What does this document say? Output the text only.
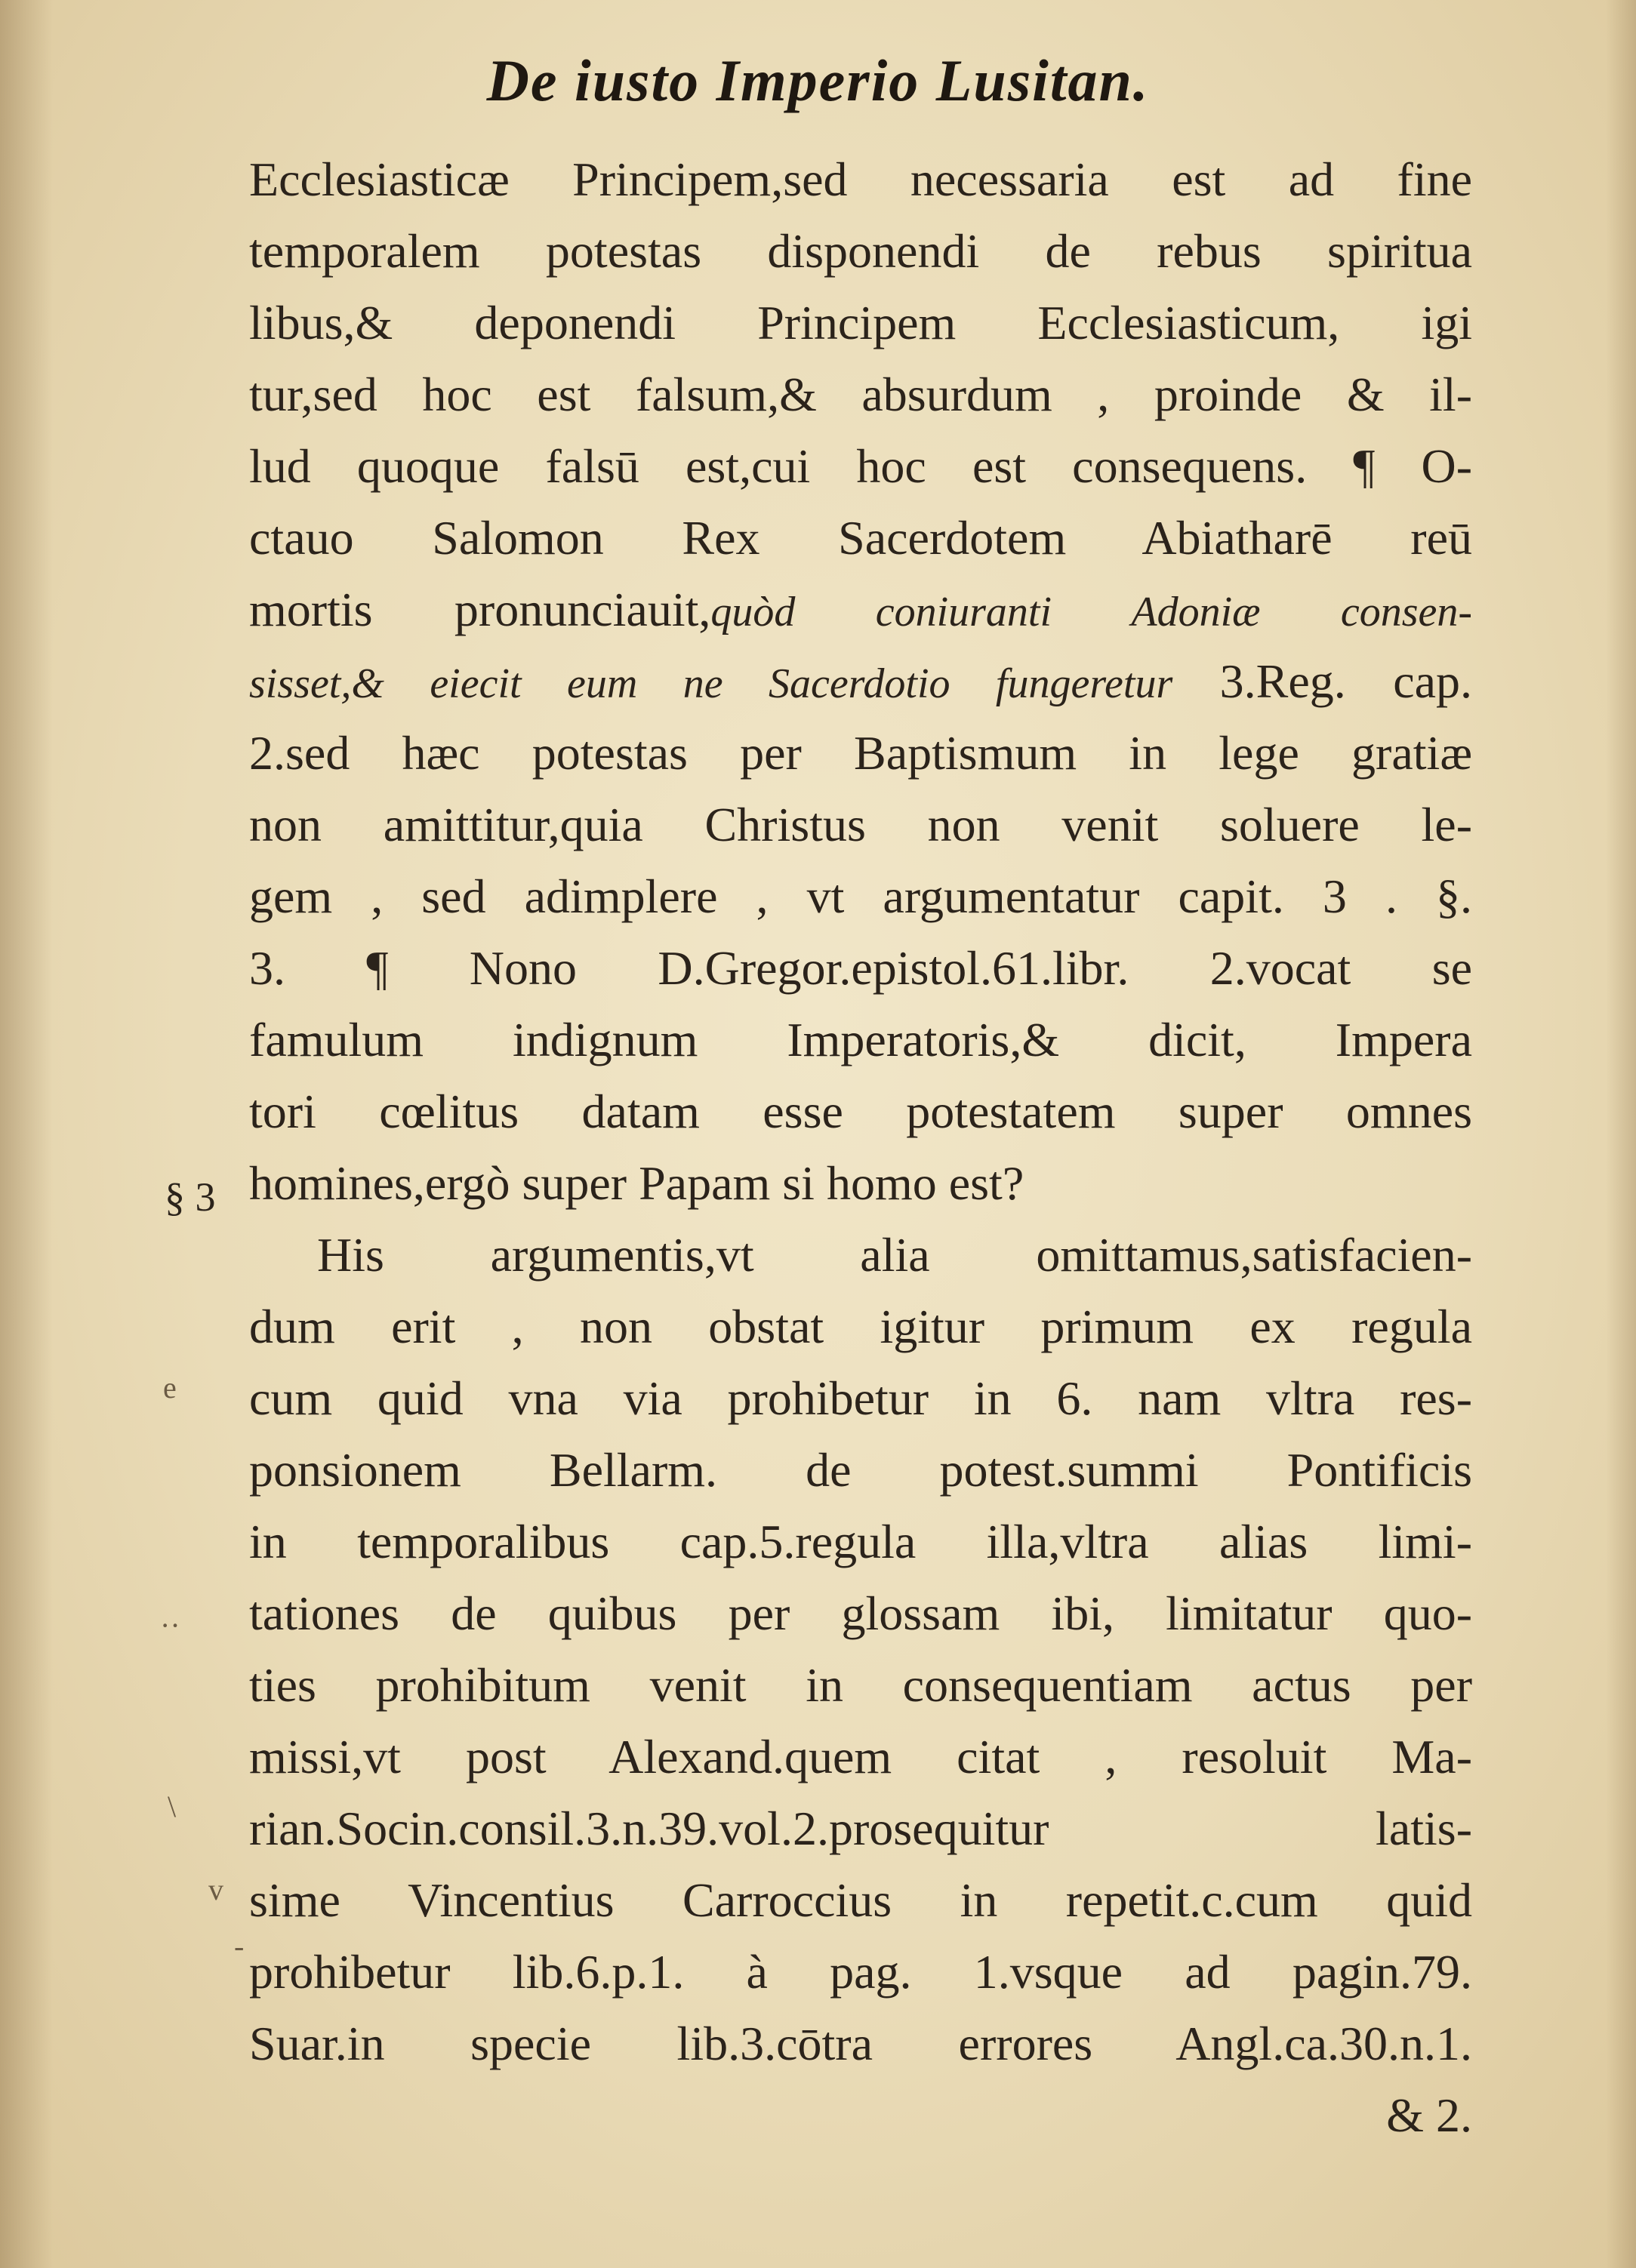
De iusto Imperio Lusitan.
§ 3
e
··
\
v
-
Ecclesiasticæ Principem,sed necessaria est ad fine
temporalem potestas disponendi de rebus spiritua
libus,& deponendi Principem Ecclesiasticum, igi
tur,sed hoc est falsum,& absurdum , proinde & il-
lud quoque falsū est,cui hoc est consequens. ¶ O-
ctauo Salomon Rex Sacerdotem Abiatharē reū
mortis pronunciauit,quòd coniuranti Adoniæ consen-
sisset,& eiecit eum ne Sacerdotio fungeretur 3.Reg. cap.
2.sed hæc potestas per Baptismum in lege gratiæ
non amittitur,quia Christus non venit soluere le-
gem , sed adimplere , vt argumentatur capit. 3 . §.
3. ¶ Nono D.Gregor.epistol.61.libr. 2.vocat se
famulum indignum Imperatoris,& dicit, Impera
tori cœlitus datam esse potestatem super omnes
homines,ergò super Papam si homo est?
His argumentis,vt alia omittamus,satisfacien-
dum erit , non obstat igitur primum ex regula
cum quid vna via prohibetur in 6. nam vltra res-
ponsionem Bellarm. de potest.summi Pontificis
in temporalibus cap.5.regula illa,vltra alias limi-
tationes de quibus per glossam ibi, limitatur quo-
ties prohibitum venit in consequentiam actus per
missi,vt post Alexand.quem citat , resoluit Ma-
rian.Socin.consil.3.n.39.vol.2.prosequitur latis-
sime Vincentius Carroccius in repetit.c.cum quid
prohibetur lib.6.p.1. à pag. 1.vsque ad pagin.79.
Suar.in specie lib.3.cōtra errores Angl.ca.30.n.1.
& 2.
